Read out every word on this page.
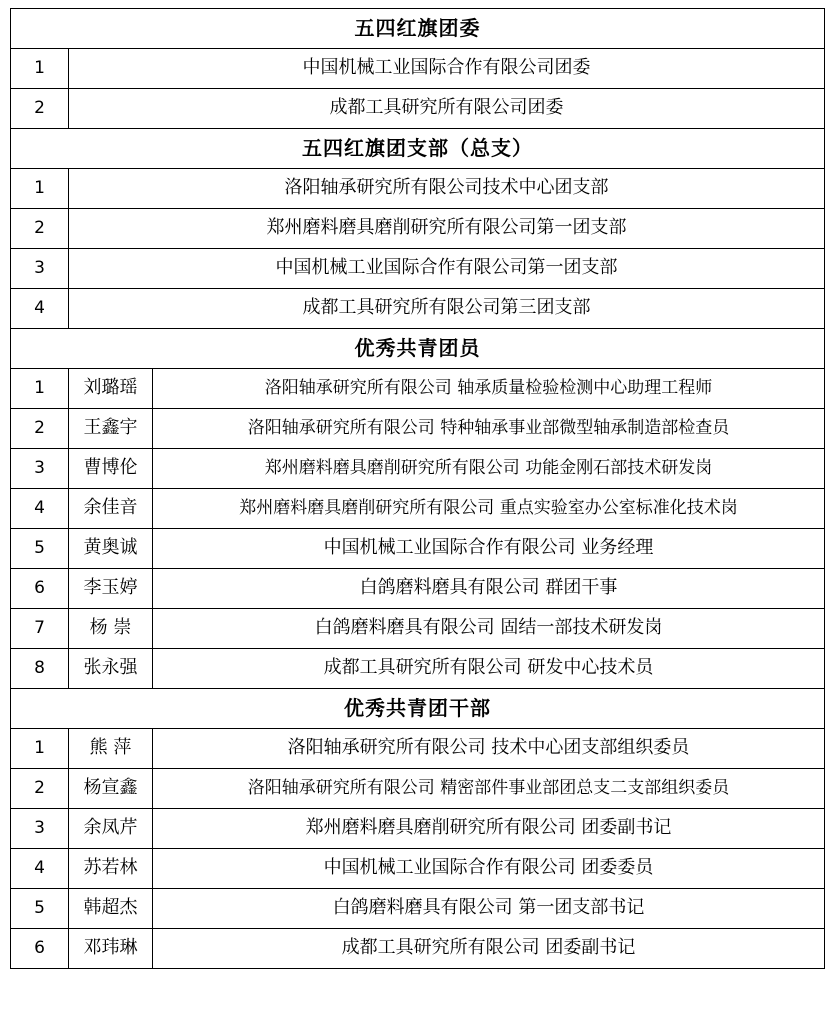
五四红旗团委		
1	中国机械工业国际合作有限公司团委	
2	成都工具研究所有限公司团委	
五四红旗团支部（总支）		
1	洛阳轴承研究所有限公司技术中心团支部	
2	郑州磨料磨具磨削研究所有限公司第一团支部	
3	中国机械工业国际合作有限公司第一团支部	
4	成都工具研究所有限公司第三团支部	
优秀共青团员		
1	刘璐瑶	洛阳轴承研究所有限公司 轴承质量检验检测中心助理工程师
2	王鑫宇	洛阳轴承研究所有限公司 特种轴承事业部微型轴承制造部检查员
3	曹博伦	郑州磨料磨具磨削研究所有限公司 功能金刚石部技术研发岗
4	余佳音	郑州磨料磨具磨削研究所有限公司 重点实验室办公室标准化技术岗
5	黄奥诚	中国机械工业国际合作有限公司 业务经理
6	李玉婷	白鸽磨料磨具有限公司 群团干事
7	杨 崇	白鸽磨料磨具有限公司 固结一部技术研发岗
8	张永强	成都工具研究所有限公司 研发中心技术员
优秀共青团干部		
1	熊 萍	洛阳轴承研究所有限公司 技术中心团支部组织委员
2	杨宣鑫	洛阳轴承研究所有限公司 精密部件事业部团总支二支部组织委员
3	余凤芹	郑州磨料磨具磨削研究所有限公司 团委副书记
4	苏若林	中国机械工业国际合作有限公司 团委委员
5	韩超杰	白鸽磨料磨具有限公司 第一团支部书记
6	邓玮琳	成都工具研究所有限公司 团委副书记
